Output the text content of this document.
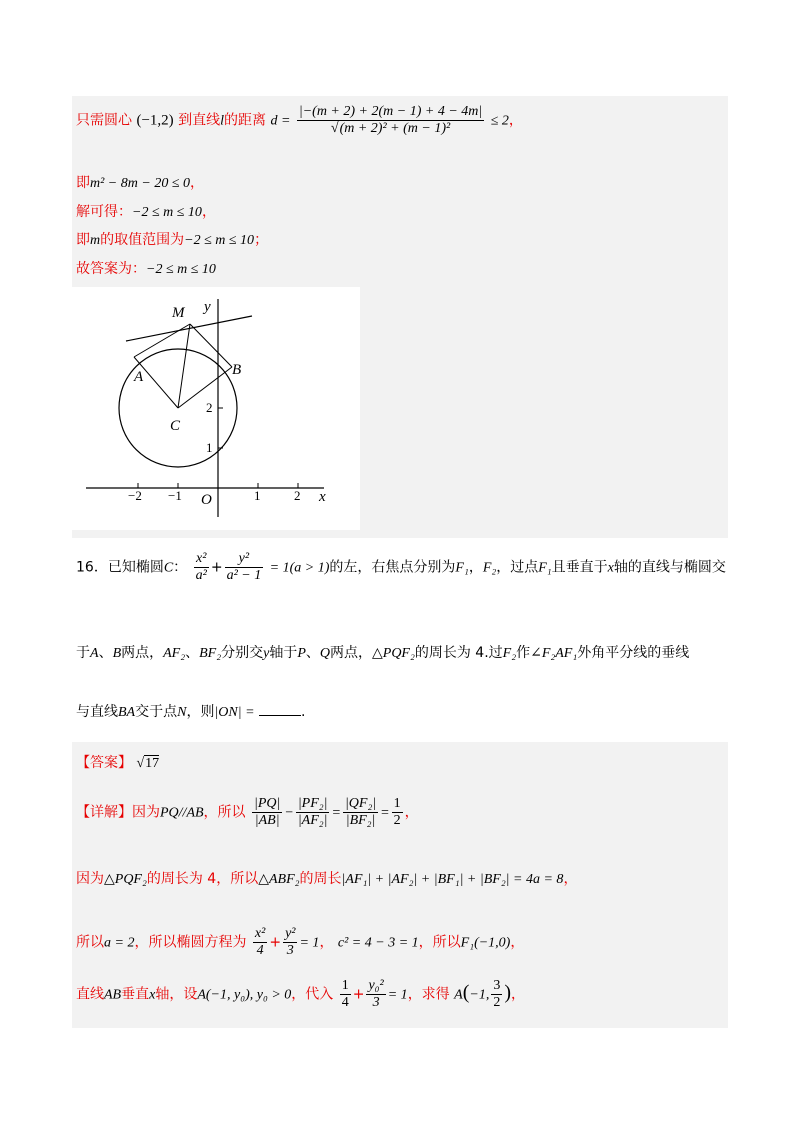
只需圆心 (−1,2) 到直线l的距离 $d = \frac{|-(m + 2) + 2(m - 1) + 4 - 4m|}{\text{√(m + 2)² + (m − 1)²}} \le 2$，
即m² − 8m − 20 ≤ 0，
解可得：−2 ≤ m ≤ 10，
即m的取值范围为−2 ≤ m ≤ 10；
故答案为：−2 ≤ m ≤ 10
M
A	B
C
O
y
x
−2 −1	1	2
1
2
16．已知椭圆C： $\frac{\text{x²}}{\text{a²}} + \frac{\text{y²}}{\text{a² − 1}} = 1(a > 1)$的左，右焦点分别为F₁，F₂，过点F₁且垂直于x轴的直线与椭圆交
于A、B两点，AF₂、BF₂分别交y轴于P、Q两点，△PQF₂的周长为 4.过F₂作∠F₂AF₁外角平分线的垂线
与直线BA交于点N，则|ON| =	.
【答案】 √17
【详解】因为PQ//AB，所以 $\frac{|PQ|}{|AB|} - \frac{\text{|PF₂|}}{\text{|AF₂|}} = \frac{\text{|QF₂|}}{\text{|BF₂|}} = \frac{1}{2}$ ，
因为△PQF₂的周长为 4，所以△ABF₂的周长|AF₁| + |AF₂| + |BF₁| + |BF₂| = 4a = 8，
所以a = 2，所以椭圆方程为 $\frac{\text{x²}}{4} + \frac{\text{y²}}{3} = 1$， c² = 4 − 3 = 1，所以F₁(−1,0)，
直线AB垂直x轴，设A(−1, y₀), y₀ > 0，代入 $\frac{1}{4} + \frac{\text{y₀²}}{3} = 1$，求得 A(−1, $\frac{3}{2}$ )，
